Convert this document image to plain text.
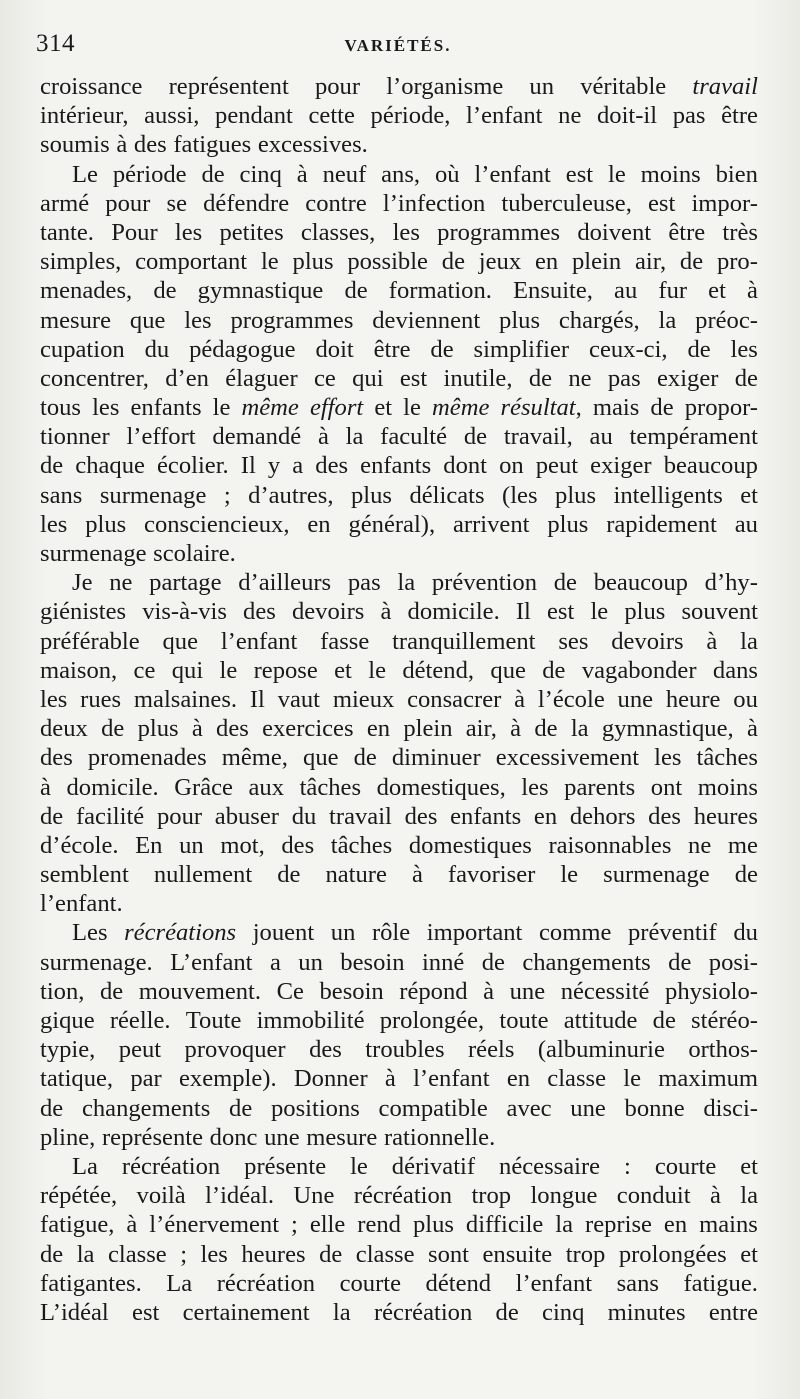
314	VARIÉTÉS.
croissance représentent pour l’organisme un véritable travail
intérieur, aussi, pendant cette période, l’enfant ne doit-il pas être
soumis à des fatigues excessives.
Le période de cinq à neuf ans, où l’enfant est le moins bien
armé pour se défendre contre l’infection tuberculeuse, est impor-
tante. Pour les petites classes, les programmes doivent être très
simples, comportant le plus possible de jeux en plein air, de pro-
menades, de gymnastique de formation. Ensuite, au fur et à
mesure que les programmes deviennent plus chargés, la préoc-
cupation du pédagogue doit être de simplifier ceux-ci, de les
concentrer, d’en élaguer ce qui est inutile, de ne pas exiger de
tous les enfants le même effort et le même résultat, mais de propor-
tionner l’effort demandé à la faculté de travail, au tempérament
de chaque écolier. Il y a des enfants dont on peut exiger beaucoup
sans surmenage ; d’autres, plus délicats (les plus intelligents et
les plus consciencieux, en général), arrivent plus rapidement au
surmenage scolaire.
Je ne partage d’ailleurs pas la prévention de beaucoup d’hy-
giénistes vis-à-vis des devoirs à domicile. Il est le plus souvent
préférable que l’enfant fasse tranquillement ses devoirs à la
maison, ce qui le repose et le détend, que de vagabonder dans
les rues malsaines. Il vaut mieux consacrer à l’école une heure ou
deux de plus à des exercices en plein air, à de la gymnastique, à
des promenades même, que de diminuer excessivement les tâches
à domicile. Grâce aux tâches domestiques, les parents ont moins
de facilité pour abuser du travail des enfants en dehors des heures
d’école. En un mot, des tâches domestiques raisonnables ne me
semblent nullement de nature à favoriser le surmenage de
l’enfant.
Les récréations jouent un rôle important comme préventif du
surmenage. L’enfant a un besoin inné de changements de posi-
tion, de mouvement. Ce besoin répond à une nécessité physiolo-
gique réelle. Toute immobilité prolongée, toute attitude de stéréo-
typie, peut provoquer des troubles réels (albuminurie orthos-
tatique, par exemple). Donner à l’enfant en classe le maximum
de changements de positions compatible avec une bonne disci-
pline, représente donc une mesure rationnelle.
La récréation présente le dérivatif nécessaire : courte et
répétée, voilà l’idéal. Une récréation trop longue conduit à la
fatigue, à l’énervement ; elle rend plus difficile la reprise en mains
de la classe ; les heures de classe sont ensuite trop prolongées et
fatigantes. La récréation courte détend l’enfant sans fatigue.
L’idéal est certainement la récréation de cinq minutes entre
